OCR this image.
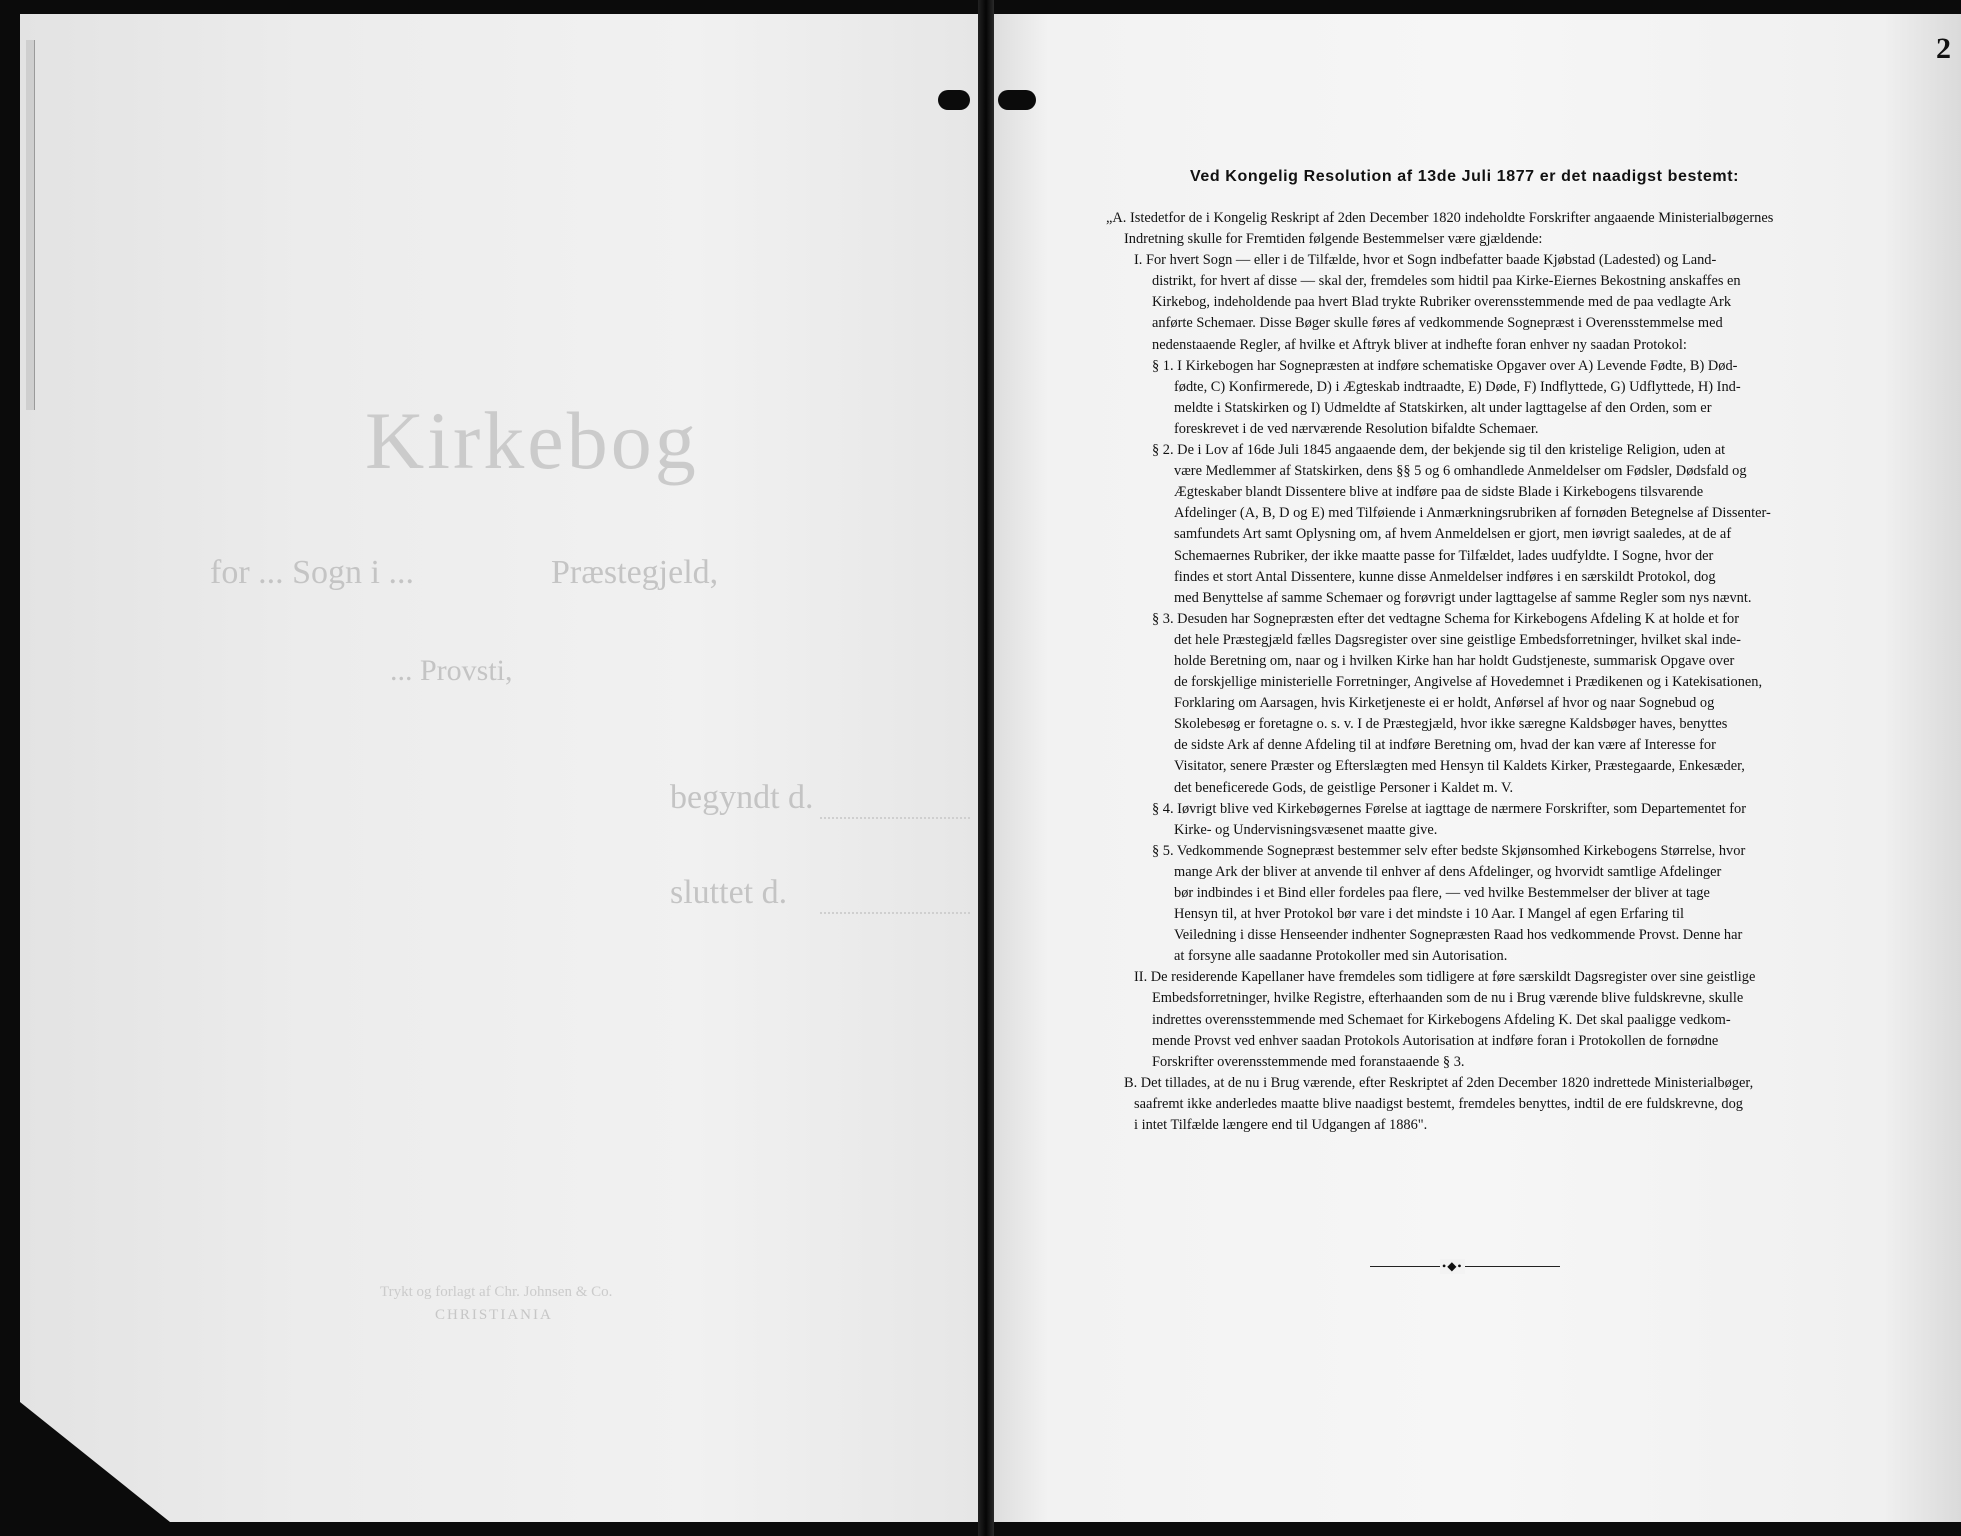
Kirkebog
for ... Sogn i ...	Præstegjeld,
... Provsti,
begyndt d.
sluttet d.
Trykt og forlagt af Chr. Johnsen & Co.
CHRISTIANIA
2
Ved Kongelig Resolution af 13de Juli 1877 er det naadigst bestemt:
„A. Istedetfor de i Kongelig Reskript af 2den December 1820 indeholdte Forskrifter angaaende Ministerialbøgernes
Indretning skulle for Fremtiden følgende Bestemmelser være gjældende:
I. For hvert Sogn — eller i de Tilfælde, hvor et Sogn indbefatter baade Kjøbstad (Ladested) og Land-
distrikt, for hvert af disse — skal der, fremdeles som hidtil paa Kirke-Eiernes Bekostning anskaffes en
Kirkebog, indeholdende paa hvert Blad trykte Rubriker overensstemmende med de paa vedlagte Ark
anførte Schemaer. Disse Bøger skulle føres af vedkommende Sognepræst i Overensstemmelse med
nedenstaaende Regler, af hvilke et Aftryk bliver at indhefte foran enhver ny saadan Protokol:
§ 1. I Kirkebogen har Sognepræsten at indføre schematiske Opgaver over A) Levende Fødte, B) Død-
fødte, C) Konfirmerede, D) i Ægteskab indtraadte, E) Døde, F) Indflyttede, G) Udflyttede, H) Ind-
meldte i Statskirken og I) Udmeldte af Statskirken, alt under lagttagelse af den Orden, som er
foreskrevet i de ved nærværende Resolution bifaldte Schemaer.
§ 2. De i Lov af 16de Juli 1845 angaaende dem, der bekjende sig til den kristelige Religion, uden at
være Medlemmer af Statskirken, dens §§ 5 og 6 omhandlede Anmeldelser om Fødsler, Dødsfald og
Ægteskaber blandt Dissentere blive at indføre paa de sidste Blade i Kirkebogens tilsvarende
Afdelinger (A, B, D og E) med Tilføiende i Anmærkningsrubriken af fornøden Betegnelse af Dissenter-
samfundets Art samt Oplysning om, af hvem Anmeldelsen er gjort, men iøvrigt saaledes, at de af
Schemaernes Rubriker, der ikke maatte passe for Tilfældet, lades uudfyldte. I Sogne, hvor der
findes et stort Antal Dissentere, kunne disse Anmeldelser indføres i en særskildt Protokol, dog
med Benyttelse af samme Schemaer og forøvrigt under lagttagelse af samme Regler som nys nævnt.
§ 3. Desuden har Sognepræsten efter det vedtagne Schema for Kirkebogens Afdeling K at holde et for
det hele Præstegjæld fælles Dagsregister over sine geistlige Embedsforretninger, hvilket skal inde-
holde Beretning om, naar og i hvilken Kirke han har holdt Gudstjeneste, summarisk Opgave over
de forskjellige ministerielle Forretninger, Angivelse af Hovedemnet i Prædikenen og i Katekisationen,
Forklaring om Aarsagen, hvis Kirketjeneste ei er holdt, Anførsel af hvor og naar Sognebud og
Skolebesøg er foretagne o. s. v. I de Præstegjæld, hvor ikke særegne Kaldsbøger haves, benyttes
de sidste Ark af denne Afdeling til at indføre Beretning om, hvad der kan være af Interesse for
Visitator, senere Præster og Efterslægten med Hensyn til Kaldets Kirker, Præstegaarde, Enkesæder,
det beneficerede Gods, de geistlige Personer i Kaldet m. V.
§ 4. Iøvrigt blive ved Kirkebøgernes Førelse at iagttage de nærmere Forskrifter, som Departementet for
Kirke- og Undervisningsvæsenet maatte give.
§ 5. Vedkommende Sognepræst bestemmer selv efter bedste Skjønsomhed Kirkebogens Størrelse, hvor
mange Ark der bliver at anvende til enhver af dens Afdelinger, og hvorvidt samtlige Afdelinger
bør indbindes i et Bind eller fordeles paa flere, — ved hvilke Bestemmelser der bliver at tage
Hensyn til, at hver Protokol bør vare i det mindste i 10 Aar. I Mangel af egen Erfaring til
Veiledning i disse Henseender indhenter Sognepræsten Raad hos vedkommende Provst. Denne har
at forsyne alle saadanne Protokoller med sin Autorisation.
II. De residerende Kapellaner have fremdeles som tidligere at føre særskildt Dagsregister over sine geistlige
Embedsforretninger, hvilke Registre, efterhaanden som de nu i Brug værende blive fuldskrevne, skulle
indrettes overensstemmende med Schemaet for Kirkebogens Afdeling K. Det skal paaligge vedkom-
mende Provst ved enhver saadan Protokols Autorisation at indføre foran i Protokollen de fornødne
Forskrifter overensstemmende med foranstaaende § 3.
B. Det tillades, at de nu i Brug værende, efter Reskriptet af 2den December 1820 indrettede Ministerialbøger,
saafremt ikke anderledes maatte blive naadigst bestemt, fremdeles benyttes, indtil de ere fuldskrevne, dog
i intet Tilfælde længere end til Udgangen af 1886".
•◆•
